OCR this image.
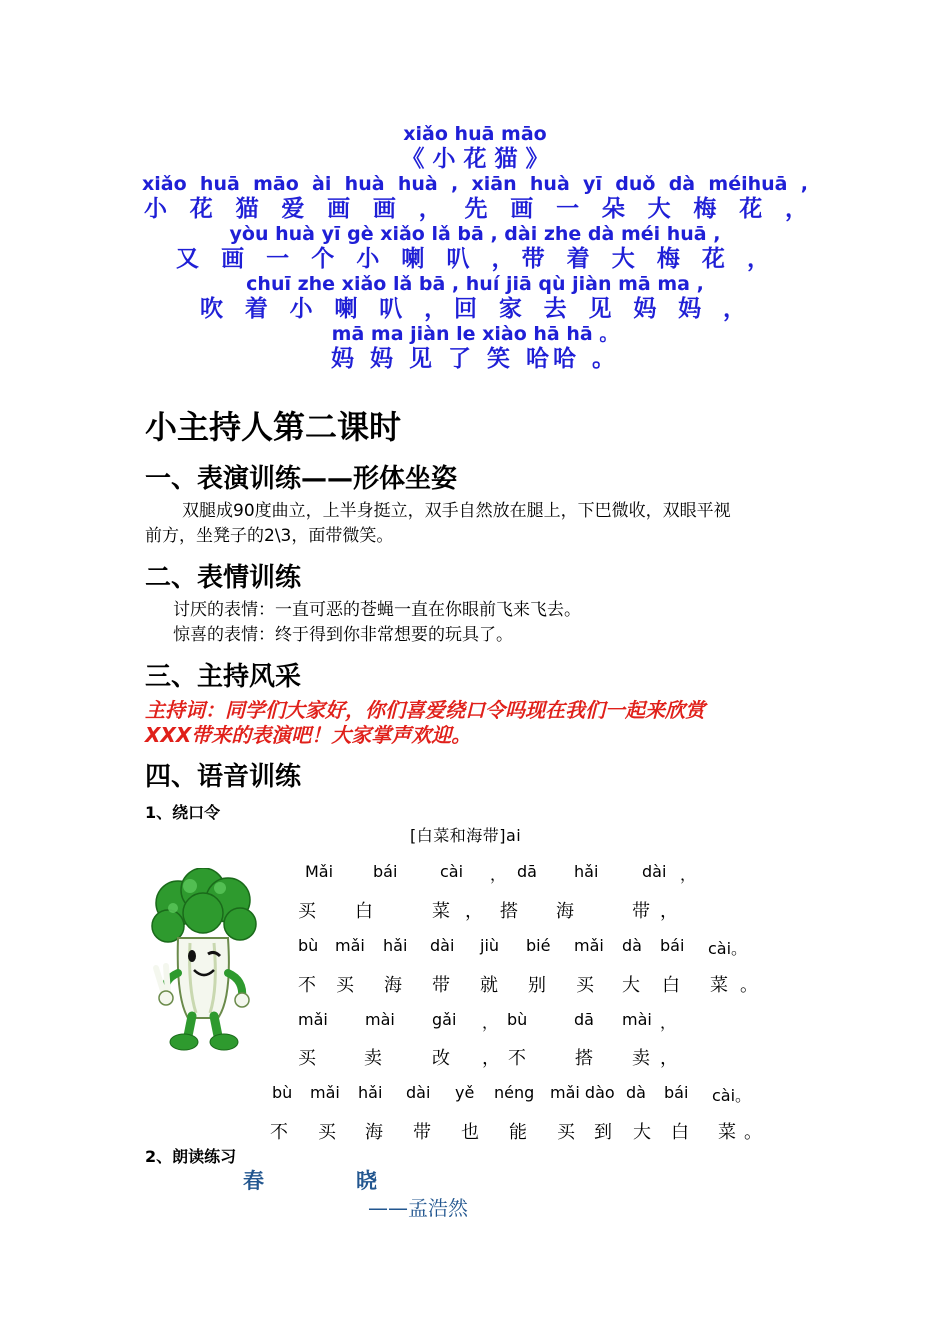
xiǎo huā māo
《 小 花 猫 》
xiǎo huā māo ài huà huà , xiān huà yī duǒ dà méihuā ,
小 花 猫 爱 画 画 ， 先 画 一 朵 大 梅 花 ，
yòu huà yī gè xiǎo lǎ bā , dài zhe dà méi huā ,
又 画 一 个 小 喇 叭 ，带 着 大 梅 花 ，
chuī zhe xiǎo lǎ bā , huí jiā qù jiàn mā ma ,
吹 着 小 喇 叭 ，回 家 去 见 妈 妈 ，
mā ma jiàn le xiào hā hā 。
妈 妈 见 了 笑 哈哈 。
小主持人第二课时
一、表演训练——形体坐姿
双腿成90度曲立，上半身挺立，双手自然放在腿上，下巴微收，双眼平视
前方，坐凳子的2\3，面带微笑。
二、表情训练
讨厌的表情：一直可恶的苍蝇一直在你眼前飞来飞去。
惊喜的表情：终于得到你非常想要的玩具了。
三、主持风采
主持词：同学们大家好，你们喜爱绕口令吗现在我们一起来欣赏
XXX带来的表演吧！大家掌声欢迎。
四、语音训练
1、绕口令
[白菜和海带]ai
Mǎi bái	cài ， dā hǎi	dài ，
买 白	菜 ， 搭 海	带 ，
bù mǎi hǎi dài jiù bié mǎi dà bái cài。
不 买 海 带 就 别 买 大 白 菜 。
mǎi mài gǎi ， bù	dā mài ，
买	卖	改 ， 不	搭 卖 ，
bù mǎi hǎi dài yě néng mǎi dào dà bái cài。
不 买 海 带 也 能 买 到 大 白 菜 。
2、朗读练习
春	晓
——孟浩然
